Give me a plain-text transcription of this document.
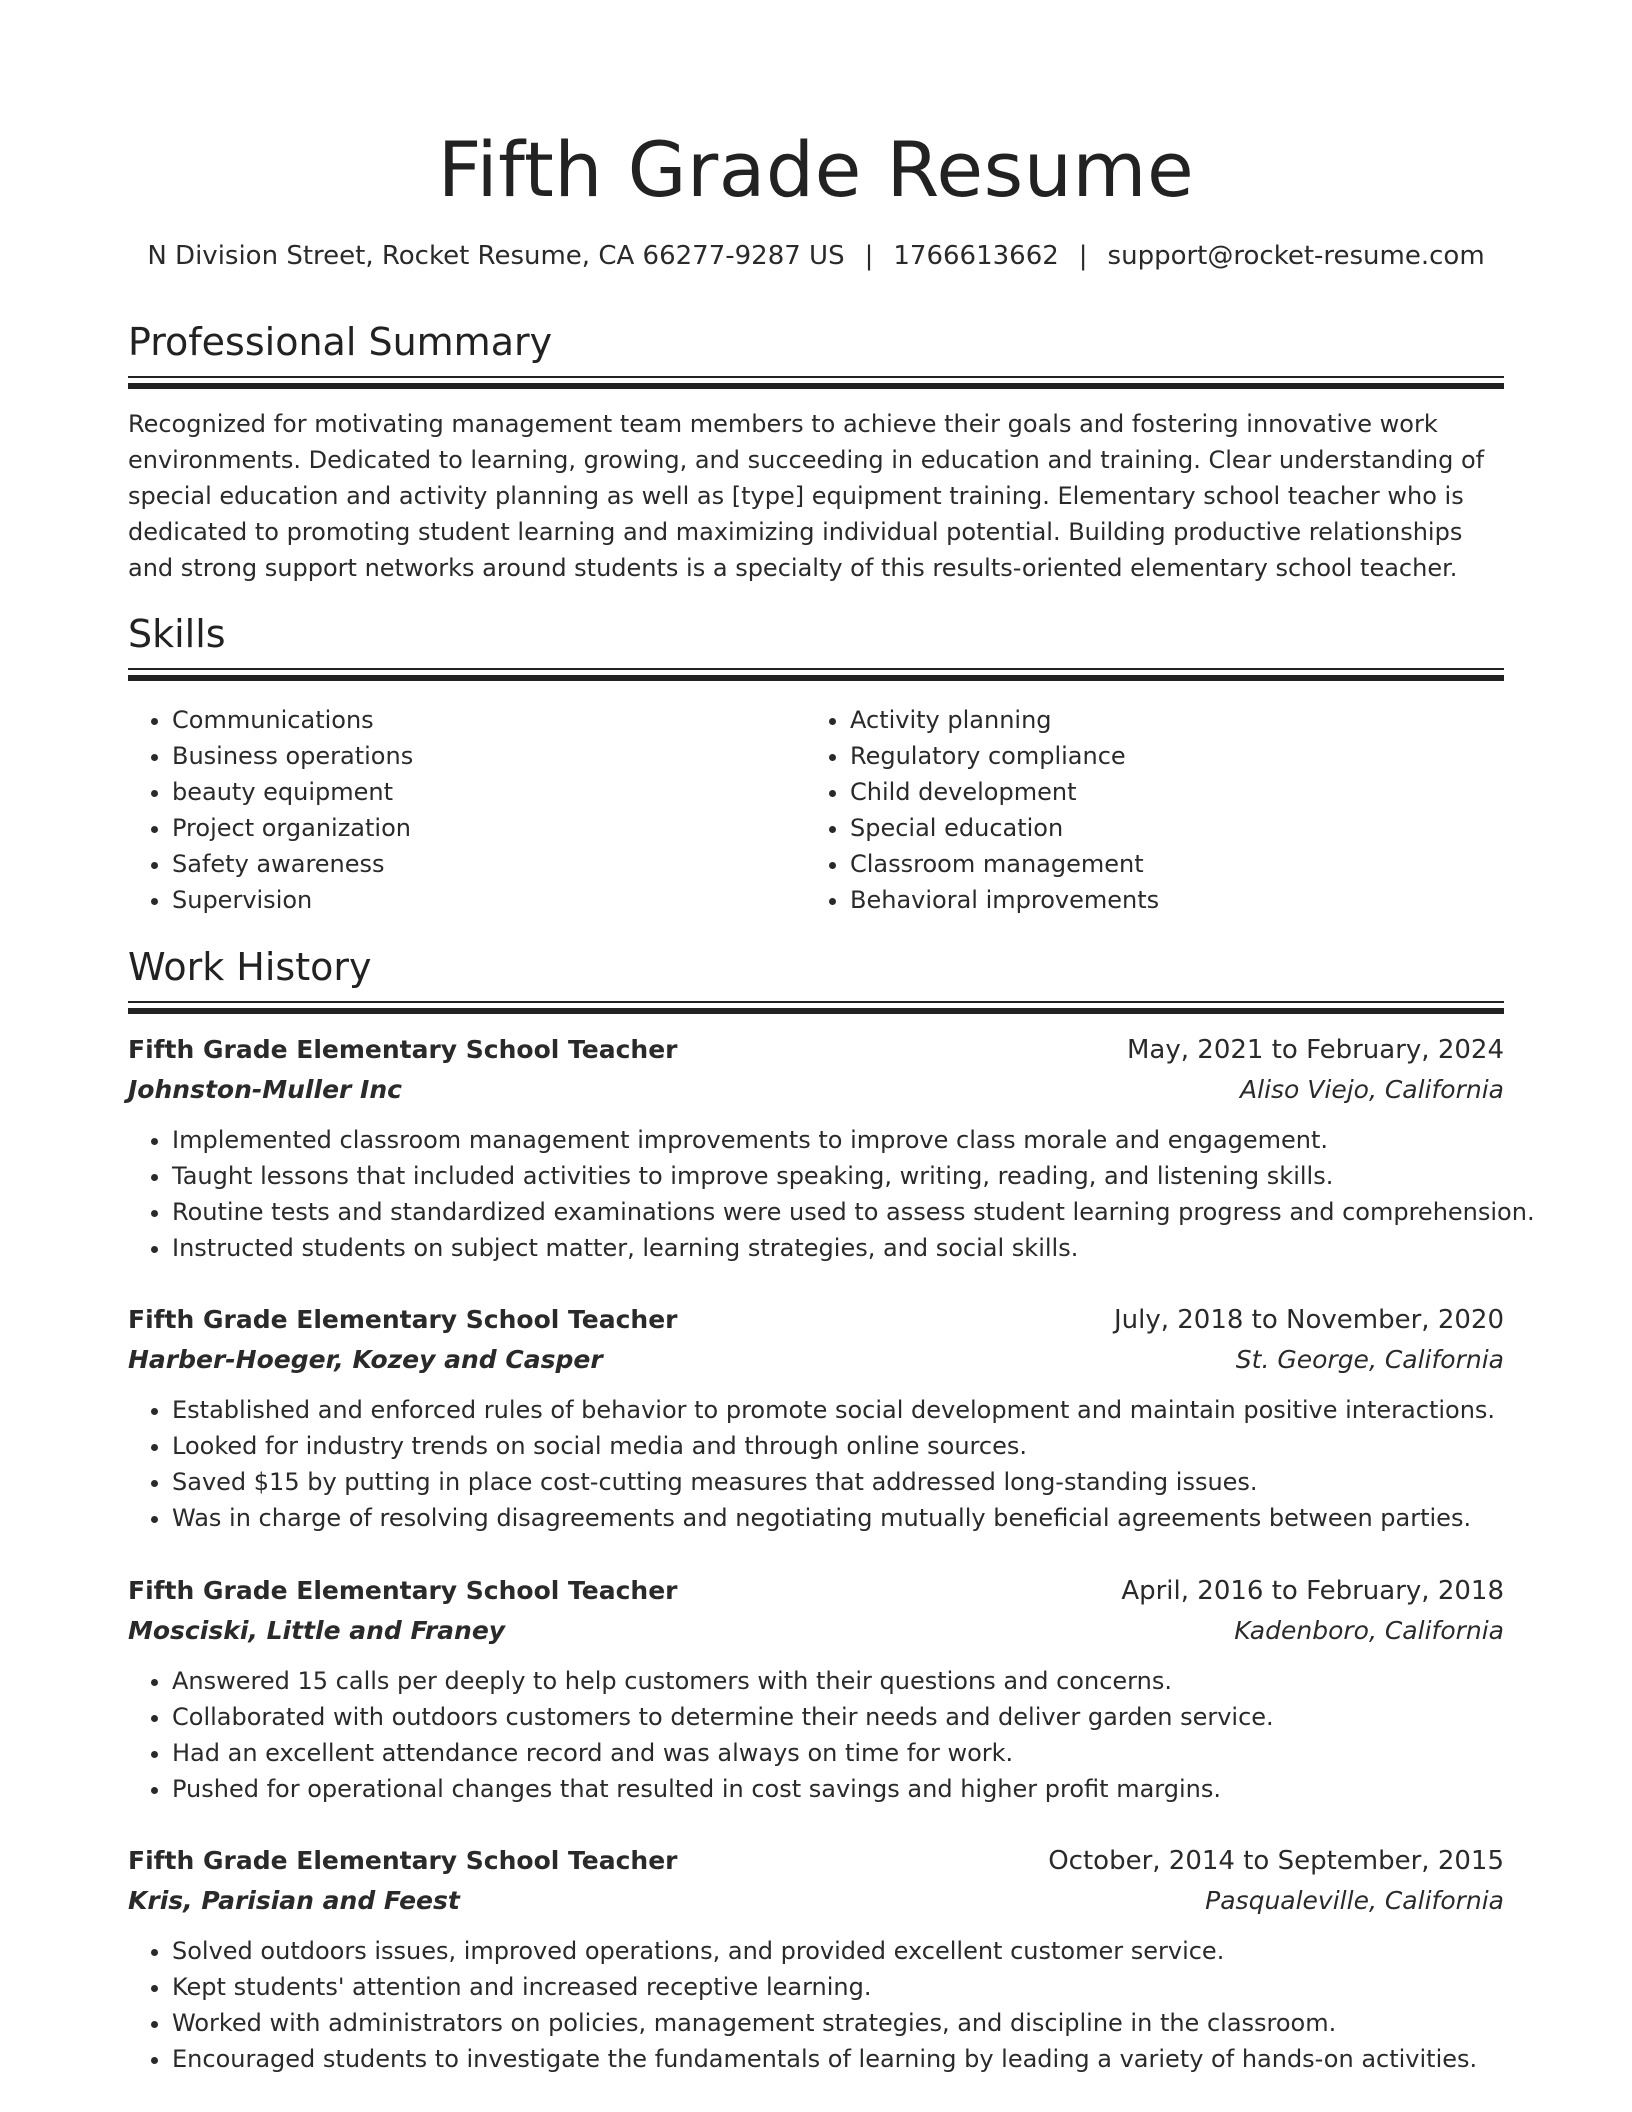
Fifth Grade Resume
N Division Street, Rocket Resume, CA 66277-9287 US | 1766613662 | support@rocket-resume.com
Professional Summary

Recognized for motivating management team members to achieve their goals and fostering innovative work environments. Dedicated to learning, growing, and succeeding in education and training. Clear understanding of special education and activity planning as well as [type] equipment training. Elementary school teacher who is dedicated to promoting student learning and maximizing individual potential. Building productive relationships and strong support networks around students is a specialty of this results-oriented elementary school teacher.

Skills
• Communications
• Business operations
• beauty equipment
• Project organization
• Safety awareness
• Supervision
• Activity planning
• Regulatory compliance
• Child development
• Special education
• Classroom management
• Behavioral improvements
Work History
Fifth Grade Elementary School Teacher	May, 2021 to February, 2024
Johnston-Muller Inc	Aliso Viejo, California
• Implemented classroom management improvements to improve class morale and engagement.
• Taught lessons that included activities to improve speaking, writing, reading, and listening skills.
• Routine tests and standardized examinations were used to assess student learning progress and comprehension.
• Instructed students on subject matter, learning strategies, and social skills.
Fifth Grade Elementary School Teacher	July, 2018 to November, 2020
Harber-Hoeger, Kozey and Casper	St. George, California
• Established and enforced rules of behavior to promote social development and maintain positive interactions.
• Looked for industry trends on social media and through online sources.
• Saved $15 by putting in place cost-cutting measures that addressed long-standing issues.
• Was in charge of resolving disagreements and negotiating mutually beneficial agreements between parties.
Fifth Grade Elementary School Teacher	April, 2016 to February, 2018
Mosciski, Little and Franey	Kadenboro, California
• Answered 15 calls per deeply to help customers with their questions and concerns.
• Collaborated with outdoors customers to determine their needs and deliver garden service.
• Had an excellent attendance record and was always on time for work.
• Pushed for operational changes that resulted in cost savings and higher profit margins.
Fifth Grade Elementary School Teacher	October, 2014 to September, 2015
Kris, Parisian and Feest	Pasqualeville, California
• Solved outdoors issues, improved operations, and provided excellent customer service.
• Kept students' attention and increased receptive learning.
• Worked with administrators on policies, management strategies, and discipline in the classroom.
• Encouraged students to investigate the fundamentals of learning by leading a variety of hands-on activities.
